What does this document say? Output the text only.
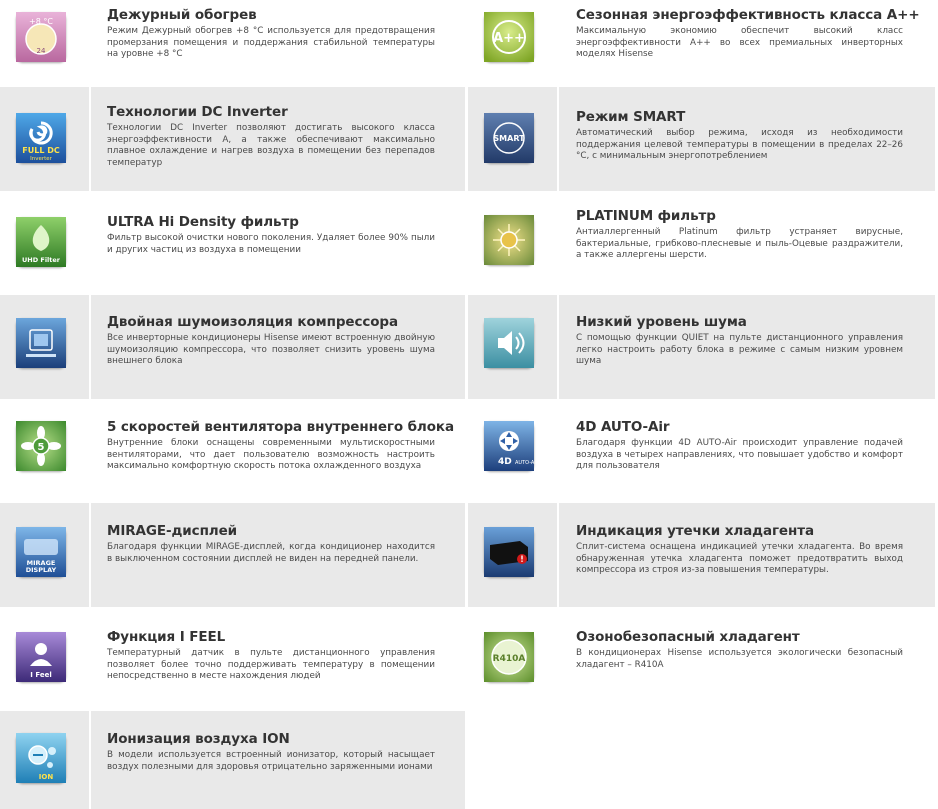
+8 °C
24
Дежурный обогрев
Режим Дежурный обогрев +8 °C используется для предотвращения промерзания помещения и поддержания стабильной температуры на уровне +8 °C
A++
Сезонная энергоэффективность класса A++
Максимальную экономию обеспечит высокий класс энергоэффективности A++ во всех премиальных инверторных моделях Hisense
FULL DC
Inverter
Технологии DC Inverter
Технологии DC Inverter позволяют достигать высокого класса энергоэффективности A, а также обеспечивают максимально плавное охлаждение и нагрев воздуха в помещении без перепадов температур
SMART
Режим SMART
Автоматический выбор режима, исходя из необходимости поддержания целевой температуры в помещении в пределах 22–26 °C, с минимальным энергопотреблением
UHD Filter
ULTRA Hi Density фильтр
Фильтр высокой очистки нового поколения. Удаляет более 90% пыли и других частиц из воздуха в помещении
PLATINUM фильтр
Антиаллергенный Platinum фильтр устраняет вирусные, бактериальные, грибково-плесневые и пыль-Оцевые раздражители, а также аллергены шерсти.
Двойная шумоизоляция компрессора
Все инверторные кондиционеры Hisense имеют встроенную двойную шумоизоляцию компрессора, что позволяет снизить уровень шума внешнего блока
Низкий уровень шума
С помощью функции QUIET на пульте дистанционного управления легко настроить работу блока в режиме с самым низким уровнем шума
5
5 скоростей вентилятора внутреннего блока
Внутренние блоки оснащены современными мультискоростными вентиляторами, что дает пользователю возможность настроить максимально комфортную скорость потока охлажденного воздуха	4D AUTO-Air
4D AUTO-Air
Благодаря функции 4D AUTO-Air происходит управление подачей воздуха в четырех направлениях, что повышает удобство и комфорт для пользователя
MIRAGE
DISPLAY
MIRAGE-дисплей
Благодаря функции MIRAGE-дисплей, когда кондиционер находится в выключенном состоянии дисплей не виден на передней панели.
Индикация утечки хладагента
Сплит-система оснащена индикацией утечки хладагента. Во время обнаруженная утечка хладагента поможет предотвратить выход компрессора из строя из-за повышения температуры.
I Feel
Функция I FEEL
Температурный датчик в пульте дистанционного управления позволяет более точно поддерживать температуру в помещении непосредственно в месте нахождения людей
R410A
Озонобезопасный хладагент
В кондиционерах Hisense используется экологически безопасный хладагент – R410A
ION
Ионизация воздуха ION
В модели используется встроенный ионизатор, который насыщает воздух полезными для здоровья отрицательно заряженными ионами
